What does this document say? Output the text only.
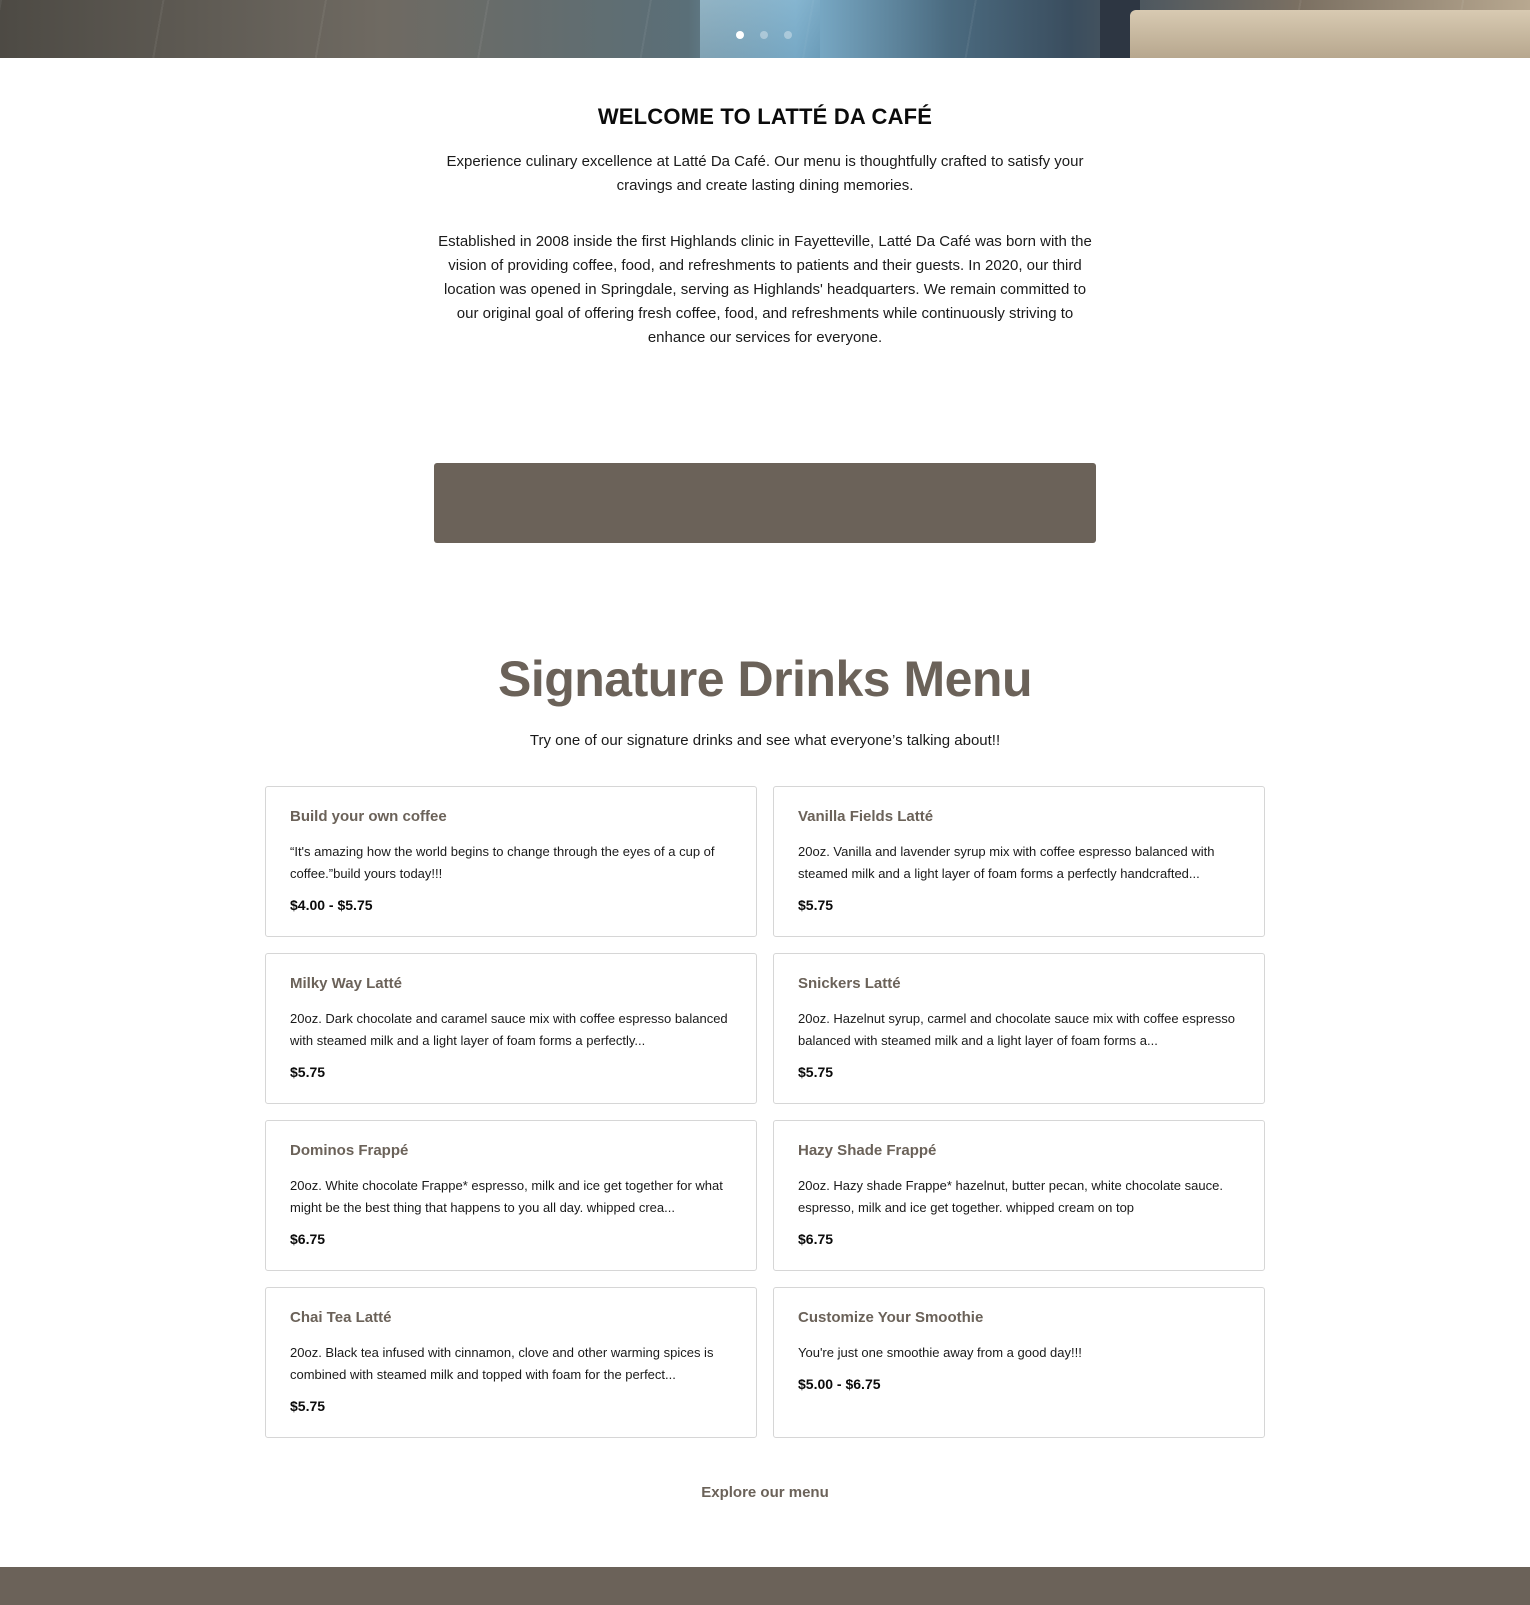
WELCOME TO LATTÉ DA CAFÉ

Experience culinary excellence at Latté Da Café. Our menu is thoughtfully crafted to satisfy your cravings and create lasting dining memories.

Established in 2008 inside the first Highlands clinic in Fayetteville, Latté Da Café was born with the vision of providing coffee, food, and refreshments to patients and their guests. In 2020, our third location was opened in Springdale, serving as Highlands' headquarters. We remain committed to our original goal of offering fresh coffee, food, and refreshments while continuously striving to enhance our services for everyone.

Signature Drinks Menu
Try one of our signature drinks and see what everyone’s talking about!!

Build your own coffee

“It's amazing how the world begins to change through the eyes of a cup of coffee.”build yours today!!!
$4.00 - $5.75

Vanilla Fields Latté

20oz. Vanilla and lavender syrup mix with coffee espresso balanced with steamed milk and a light layer of foam forms a perfectly handcrafted...
$5.75

Milky Way Latté

20oz. Dark chocolate and caramel sauce mix with coffee espresso balanced with steamed milk and a light layer of foam forms a perfectly...
$5.75

Snickers Latté

20oz. Hazelnut syrup, carmel and chocolate sauce mix with coffee espresso balanced with steamed milk and a light layer of foam forms a...
$5.75

Dominos Frappé

20oz. White chocolate Frappe* espresso, milk and ice get together for what might be the best thing that happens to you all day. whipped crea...
$6.75

Hazy Shade Frappé

20oz. Hazy shade Frappe* hazelnut, butter pecan, white chocolate sauce. espresso, milk and ice get together. whipped cream on top
$6.75

Chai Tea Latté

20oz. Black tea infused with cinnamon, clove and other warming spices is combined with steamed milk and topped with foam for the perfect...
$5.75

Customize Your Smoothie

You're just one smoothie away from a good day!!!
$5.00 - $6.75
Explore our menu
